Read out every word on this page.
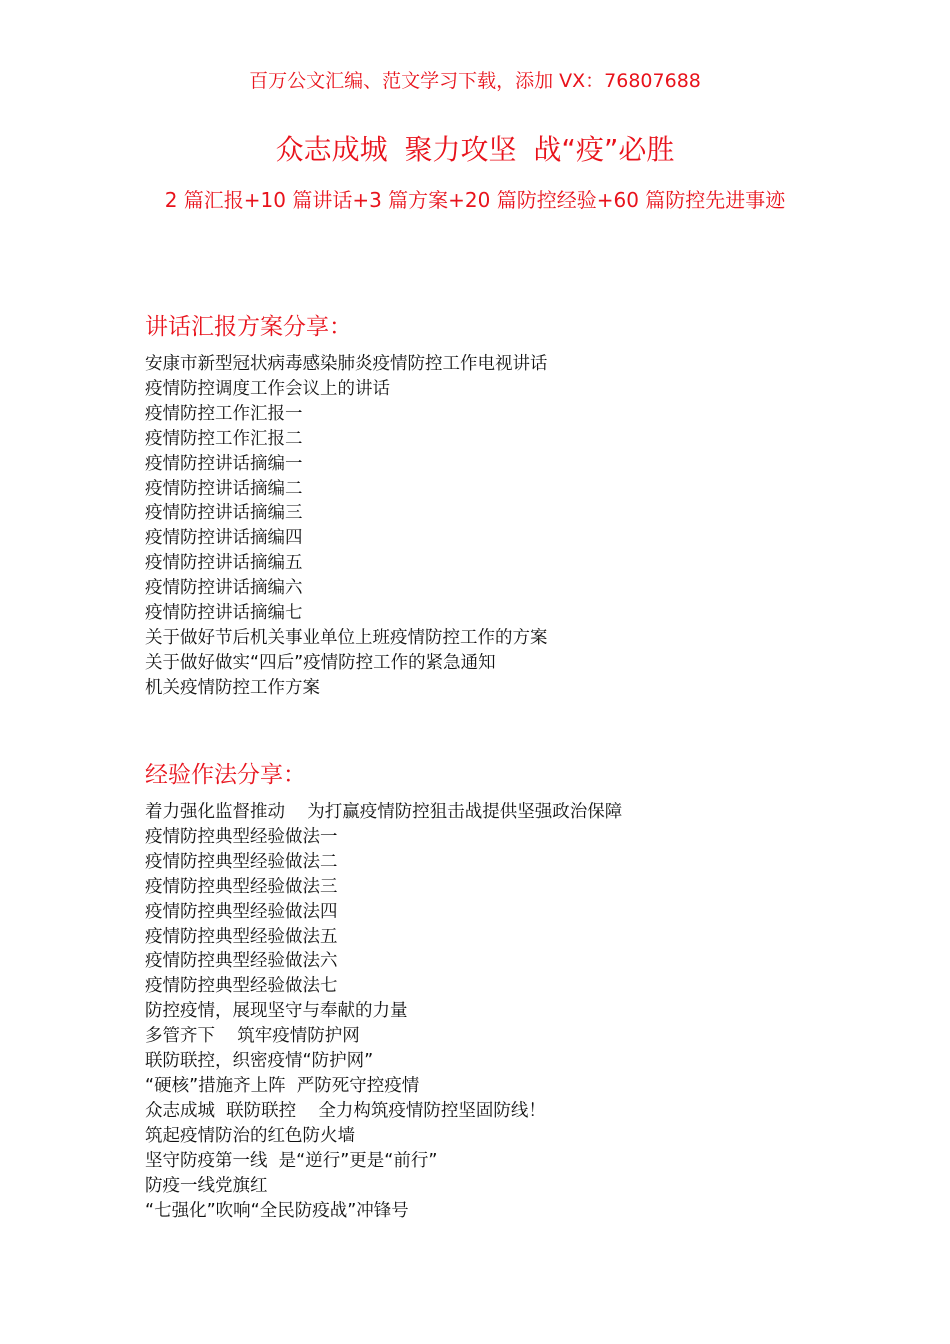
百万公文汇编、范文学习下载，添加 VX：76807688
众志成城 聚力攻坚 战“疫”必胜
2 篇汇报+10 篇讲话+3 篇方案+20 篇防控经验+60 篇防控先进事迹
讲话汇报方案分享：
安康市新型冠状病毒感染肺炎疫情防控工作电视讲话
疫情防控调度工作会议上的讲话
疫情防控工作汇报一
疫情防控工作汇报二
疫情防控讲话摘编一
疫情防控讲话摘编二
疫情防控讲话摘编三
疫情防控讲话摘编四
疫情防控讲话摘编五
疫情防控讲话摘编六
疫情防控讲话摘编七
关于做好节后机关事业单位上班疫情防控工作的方案
关于做好做实“四后”疫情防控工作的紧急通知
机关疫情防控工作方案
经验作法分享：
着力强化监督推动    为打赢疫情防控狙击战提供坚强政治保障
疫情防控典型经验做法一
疫情防控典型经验做法二
疫情防控典型经验做法三
疫情防控典型经验做法四
疫情防控典型经验做法五
疫情防控典型经验做法六
疫情防控典型经验做法七
防控疫情，展现坚守与奉献的力量
多管齐下    筑牢疫情防护网
联防联控，织密疫情“防护网”
“硬核”措施齐上阵  严防死守控疫情
众志成城  联防联控    全力构筑疫情防控坚固防线！
筑起疫情防治的红色防火墙
坚守防疫第一线  是“逆行”更是“前行”
防疫一线党旗红
“七强化”吹响“全民防疫战”冲锋号
